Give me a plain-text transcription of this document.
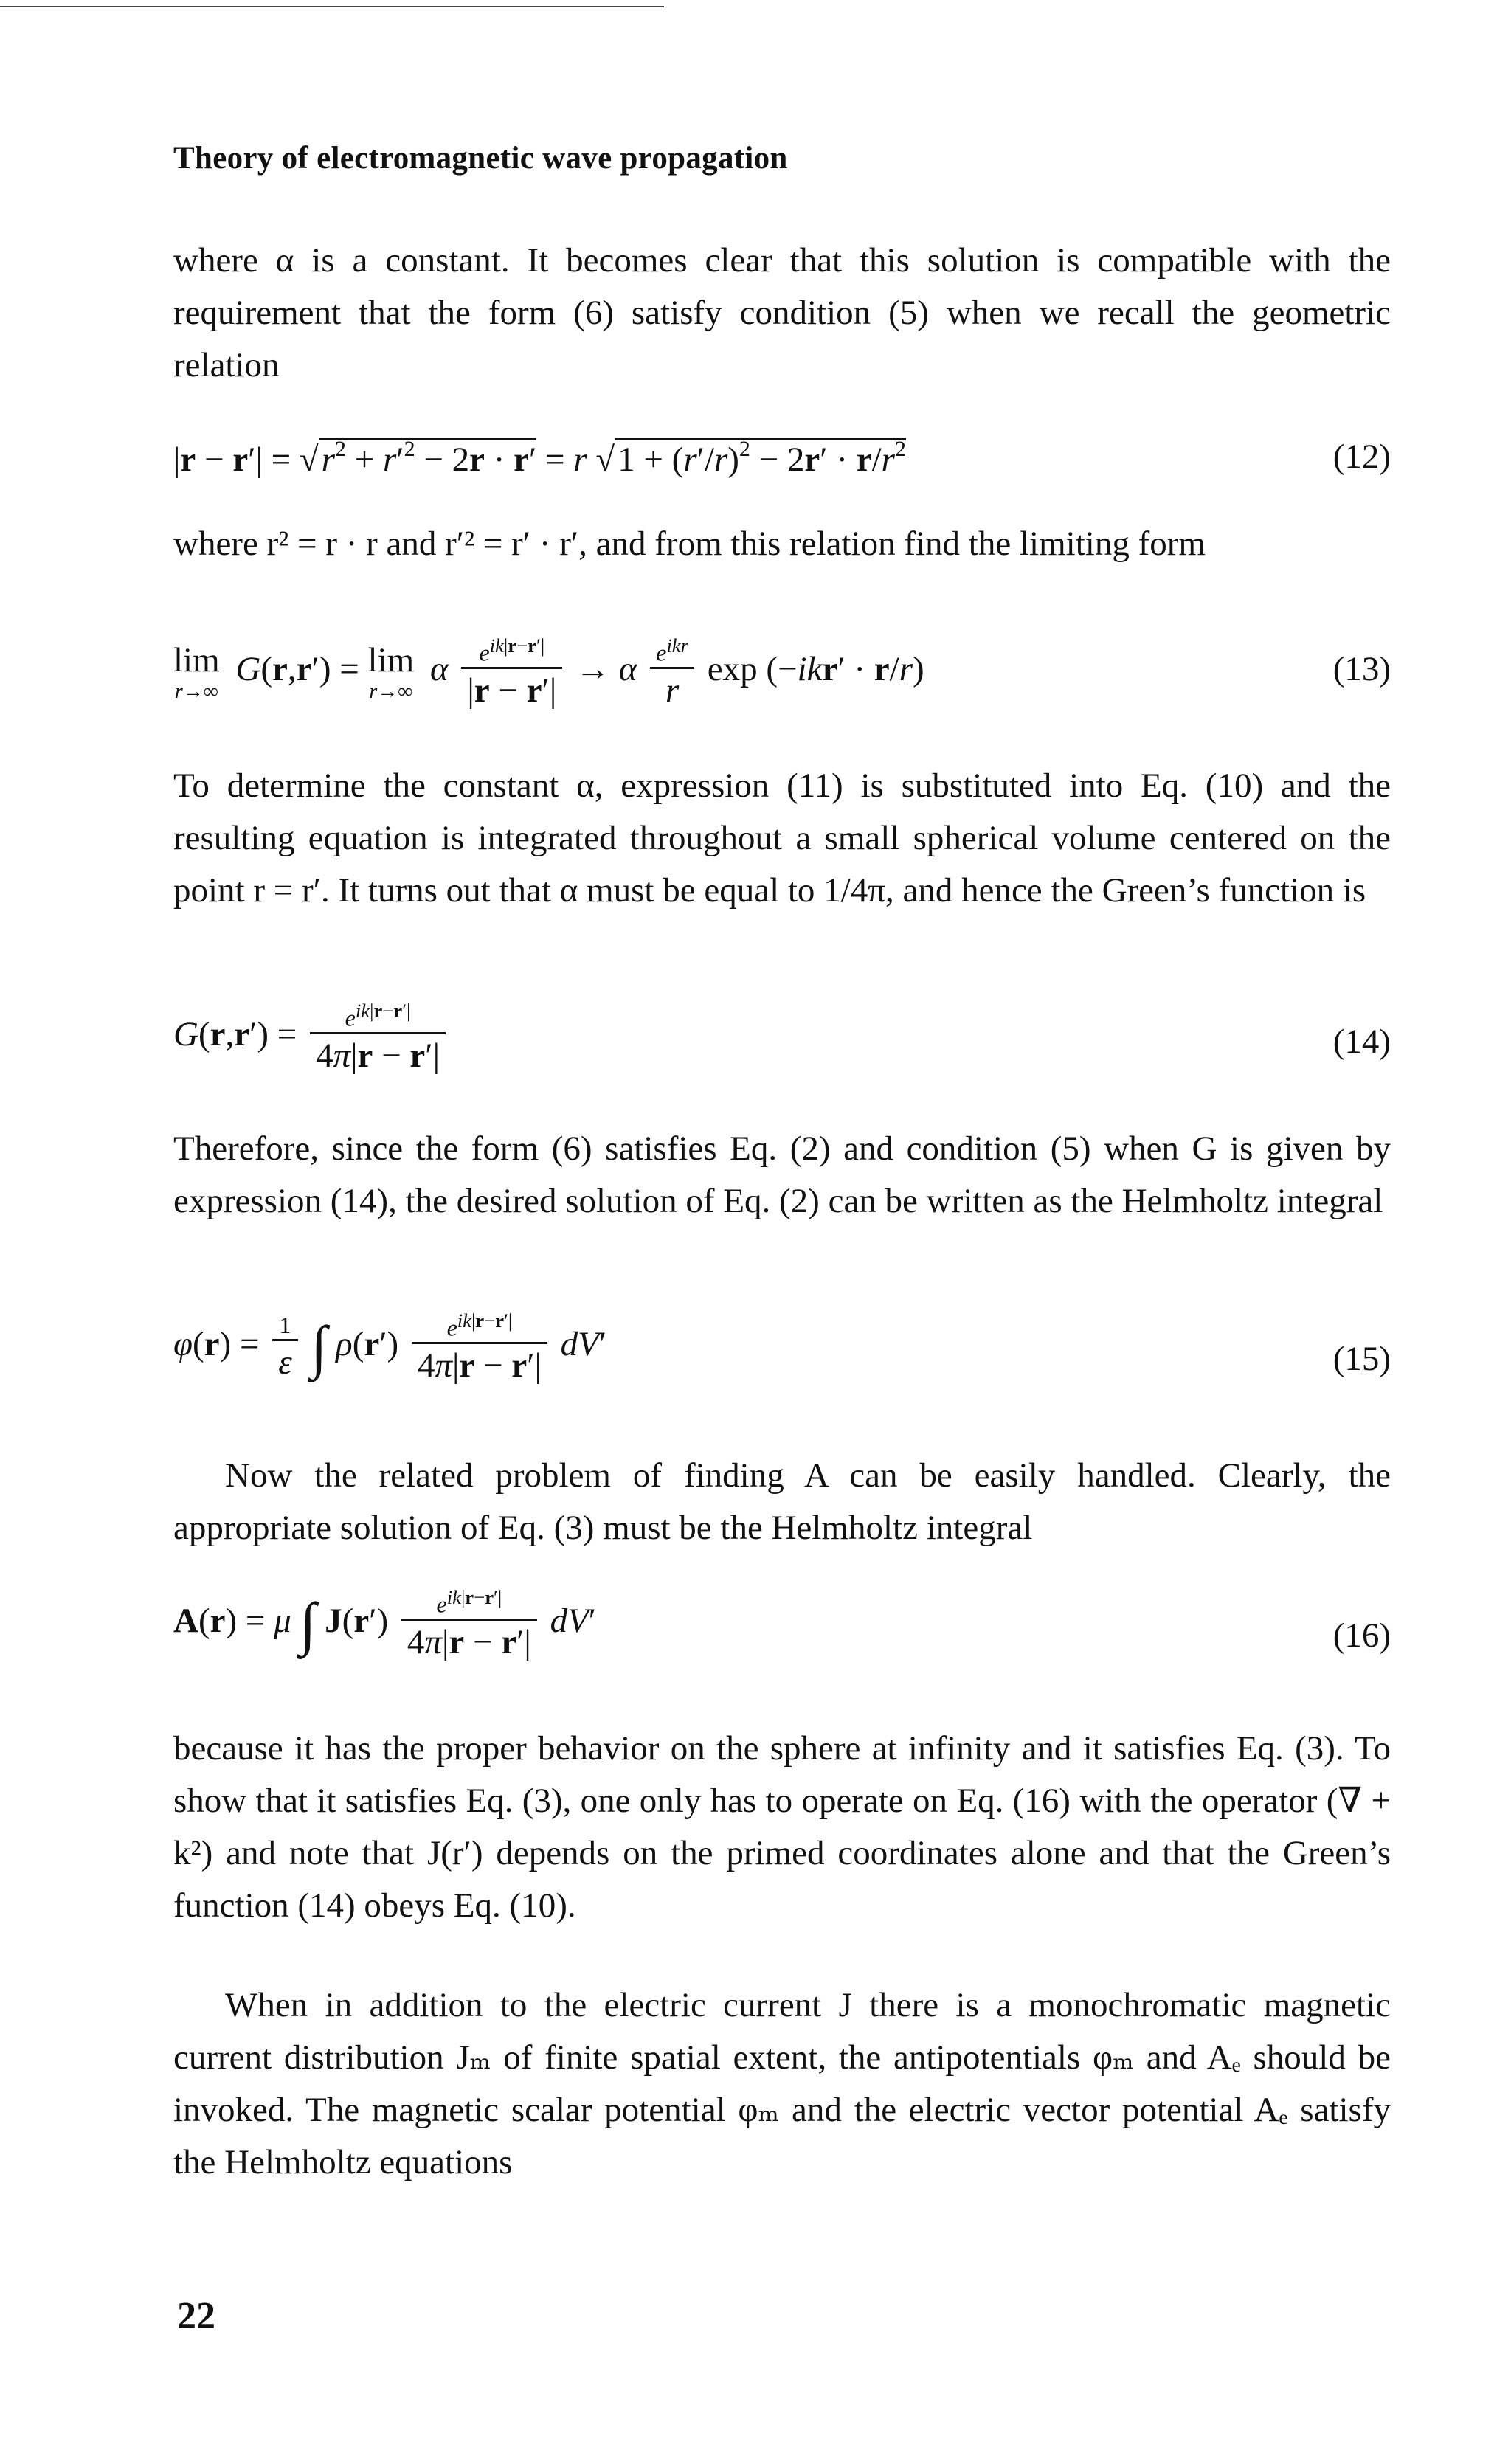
Theory of electromagnetic wave propagation

where α is a constant. It becomes clear that this solution is compatible with the requirement that the form (6) satisfy condition (5) when we recall the geometric relation

$|r - r'| = √r^2 + r'^2 - 2r \cdot r' = r$ $√1 + (r'/r)^2 - 2r' \cdot r/r^2$	(12)

where r² = r · r and r′² = r′ · r′, and from this relation find the limiting form

lim
r→∞
G(r,r′) = lim
r→∞
α $\frac{e^{ik|r-r'|}}{|r - r'|} \to \alpha \frac{e^{ikr}}{r}$ exp (−ikr′ · r/r)	(13)

To determine the constant α, expression (11) is substituted into Eq. (10) and the resulting equation is integrated throughout a small spherical volume centered on the point r = r′. It turns out that α must be equal to 1/4π, and hence the Green’s function is

$G(r,r') = \frac{e^{ik|r-r'|}}{4\pi|r - r'|}$	(14)

Therefore, since the form (6) satisfies Eq. (2) and condition (5) when G is given by expression (14), the desired solution of Eq. (2) can be written as the Helmholtz integral

$\varphi(r) = \frac{1}{\varepsilon}$ ∫ $\rho(r') \frac{e^{ik|r-r'|}}{4\pi|r - r'|} dV'$	(15)

Now the related problem of finding A can be easily handled. Clearly, the appropriate solution of Eq. (3) must be the Helmholtz integral

A(r) = μ ∫ $J(r') \frac{e^{ik|r-r'|}}{4\pi|r - r'|} dV'$	(16)

because it has the proper behavior on the sphere at infinity and it satisfies Eq. (3). To show that it satisfies Eq. (3), one only has to operate on Eq. (16) with the operator (∇ + k²) and note that J(r′) depends on the primed coordinates alone and that the Green’s function (14) obeys Eq. (10).

When in addition to the electric current J there is a monochromatic magnetic current distribution Jₘ of finite spatial extent, the antipotentials φₘ and Aₑ should be invoked. The magnetic scalar potential φₘ and the electric vector potential Aₑ satisfy the Helmholtz equations

22
